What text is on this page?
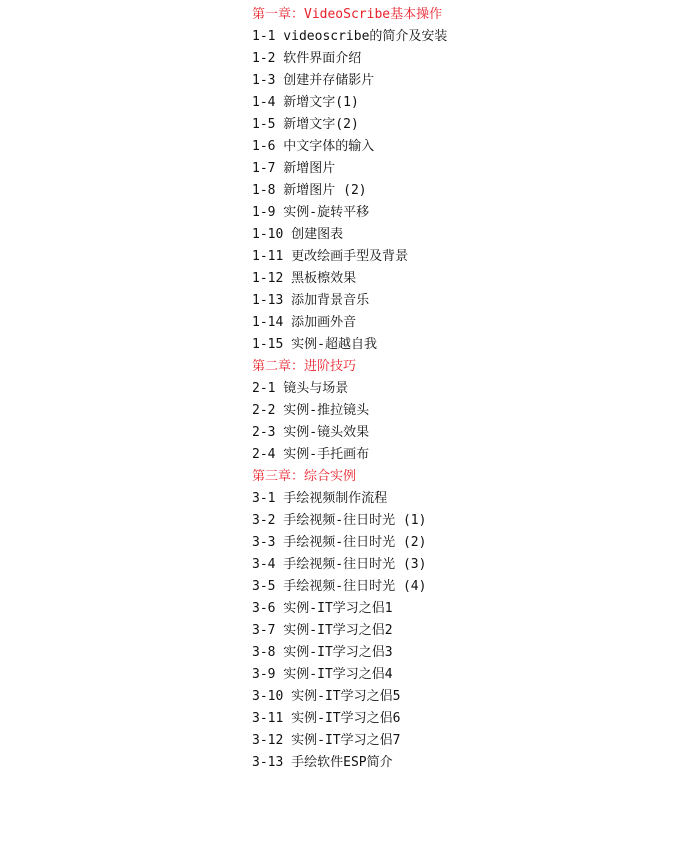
第一章：VideoScribe基本操作
1-1 videoscribe的简介及安装
1-2 软件界面介绍
1-3 创建并存储影片
1-4 新增文字(1)
1-5 新增文字(2)
1-6 中文字体的输入
1-7 新增图片
1-8 新增图片 (2)
1-9 实例-旋转平移
1-10 创建图表
1-11 更改绘画手型及背景
1-12 黑板檫效果
1-13 添加背景音乐
1-14 添加画外音
1-15 实例-超越自我
第二章：进阶技巧
2-1 镜头与场景
2-2 实例-推拉镜头
2-3 实例-镜头效果
2-4 实例-手托画布
第三章：综合实例
3-1 手绘视频制作流程
3-2 手绘视频-往日时光 (1)
3-3 手绘视频-往日时光 (2)
3-4 手绘视频-往日时光 (3)
3-5 手绘视频-往日时光 (4)
3-6 实例-IT学习之侣1
3-7 实例-IT学习之侣2
3-8 实例-IT学习之侣3
3-9 实例-IT学习之侣4
3-10 实例-IT学习之侣5
3-11 实例-IT学习之侣6
3-12 实例-IT学习之侣7
3-13 手绘软件ESP简介
